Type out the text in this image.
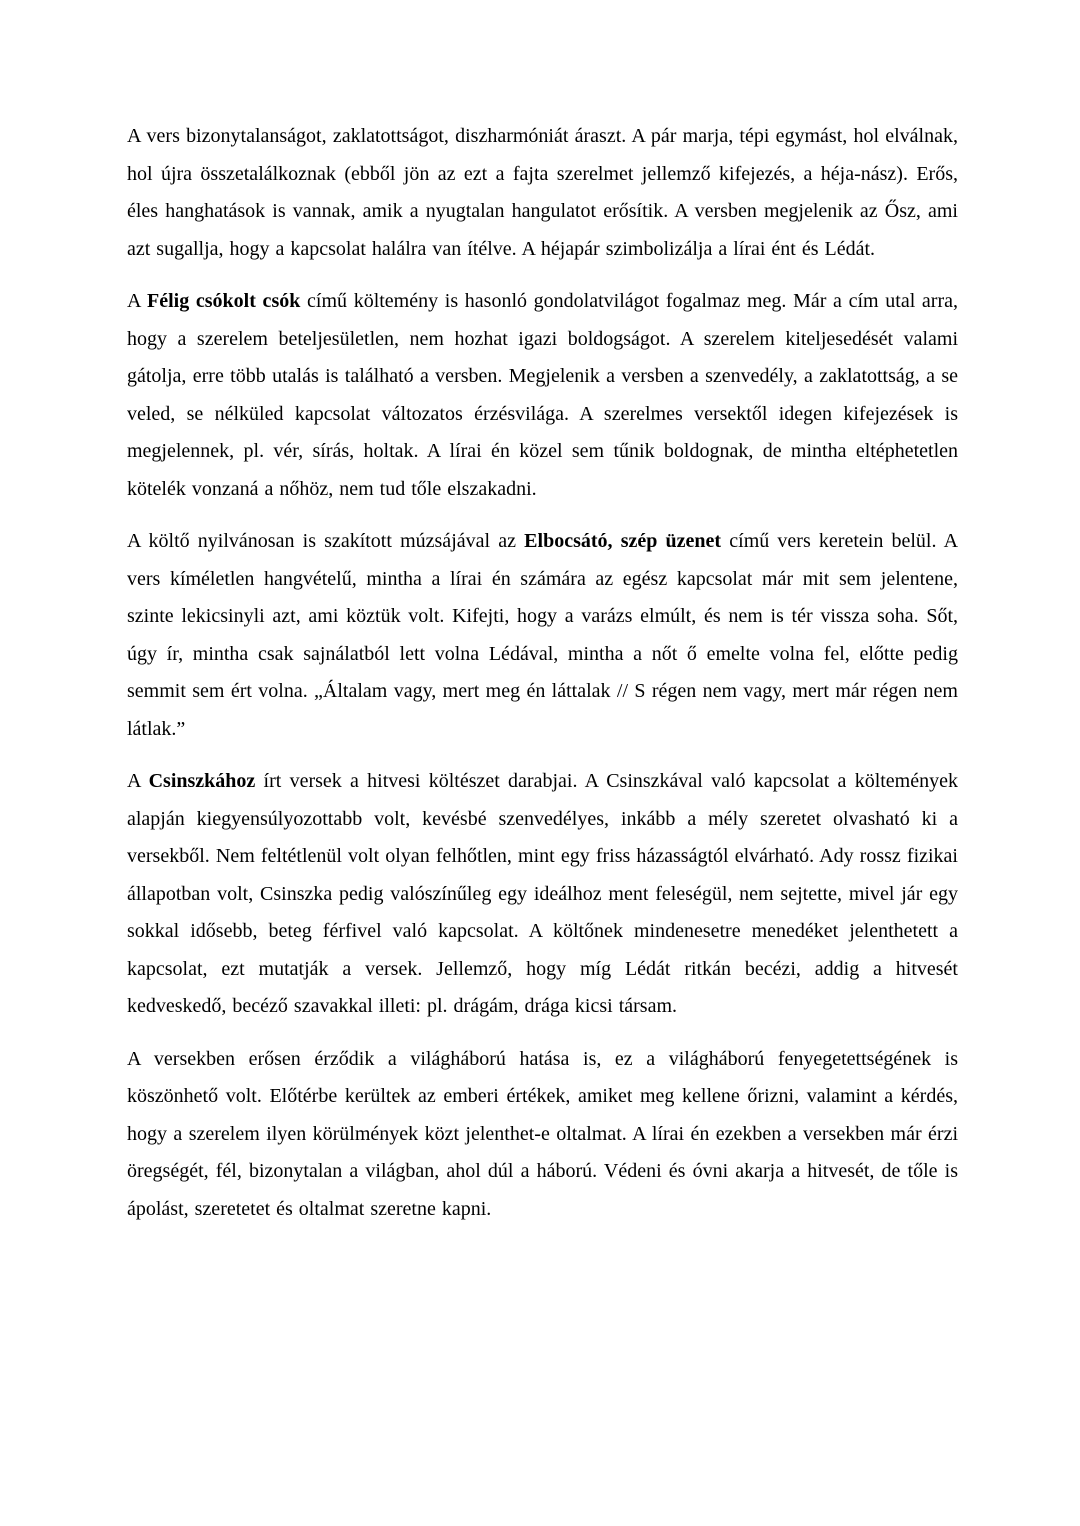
A vers bizonytalanságot, zaklatottságot, diszharmóniát áraszt. A pár marja, tépi egymást, hol elválnak, hol újra összetalálkoznak (ebből jön az ezt a fajta szerelmet jellemző kifejezés, a héja-nász). Erős, éles hanghatások is vannak, amik a nyugtalan hangulatot erősítik. A versben megjelenik az Ősz, ami azt sugallja, hogy a kapcsolat halálra van ítélve. A héjapár szimbolizálja a lírai ént és Lédát.

A Félig csókolt csók című költemény is hasonló gondolatvilágot fogalmaz meg. Már a cím utal arra, hogy a szerelem beteljesületlen, nem hozhat igazi boldogságot. A szerelem kiteljesedését valami gátolja, erre több utalás is található a versben. Megjelenik a versben a szenvedély, a zaklatottság, a se veled, se nélküled kapcsolat változatos érzésvilága. A szerelmes versektől idegen kifejezések is megjelennek, pl. vér, sírás, holtak. A lírai én közel sem tűnik boldognak, de mintha eltéphetetlen kötelék vonzaná a nőhöz, nem tud tőle elszakadni.

A költő nyilvánosan is szakított múzsájával az Elbocsátó, szép üzenet című vers keretein belül. A vers kíméletlen hangvételű, mintha a lírai én számára az egész kapcsolat már mit sem jelentene, szinte lekicsinyli azt, ami köztük volt. Kifejti, hogy a varázs elmúlt, és nem is tér vissza soha. Sőt, úgy ír, mintha csak sajnálatból lett volna Lédával, mintha a nőt ő emelte volna fel, előtte pedig semmit sem ért volna. „Általam vagy, mert meg én láttalak // S régen nem vagy, mert már régen nem látlak.”

A Csinszkához írt versek a hitvesi költészet darabjai. A Csinszkával való kapcsolat a költemények alapján kiegyensúlyozottabb volt, kevésbé szenvedélyes, inkább a mély szeretet olvasható ki a versekből. Nem feltétlenül volt olyan felhőtlen, mint egy friss házasságtól elvárható. Ady rossz fizikai állapotban volt, Csinszka pedig valószínűleg egy ideálhoz ment feleségül, nem sejtette, mivel jár egy sokkal idősebb, beteg férfivel való kapcsolat. A költőnek mindenesetre menedéket jelenthetett a kapcsolat, ezt mutatják a versek. Jellemző, hogy míg Lédát ritkán becézi, addig a hitvesét kedveskedő, becéző szavakkal illeti: pl. drágám, drága kicsi társam.

A versekben erősen érződik a világháború hatása is, ez a világháború fenyegetettségének is köszönhető volt. Előtérbe kerültek az emberi értékek, amiket meg kellene őrizni, valamint a kérdés, hogy a szerelem ilyen körülmények közt jelenthet-e oltalmat. A lírai én ezekben a versekben már érzi öregségét, fél, bizonytalan a világban, ahol dúl a háború. Védeni és óvni akarja a hitvesét, de tőle is ápolást, szeretetet és oltalmat szeretne kapni.
